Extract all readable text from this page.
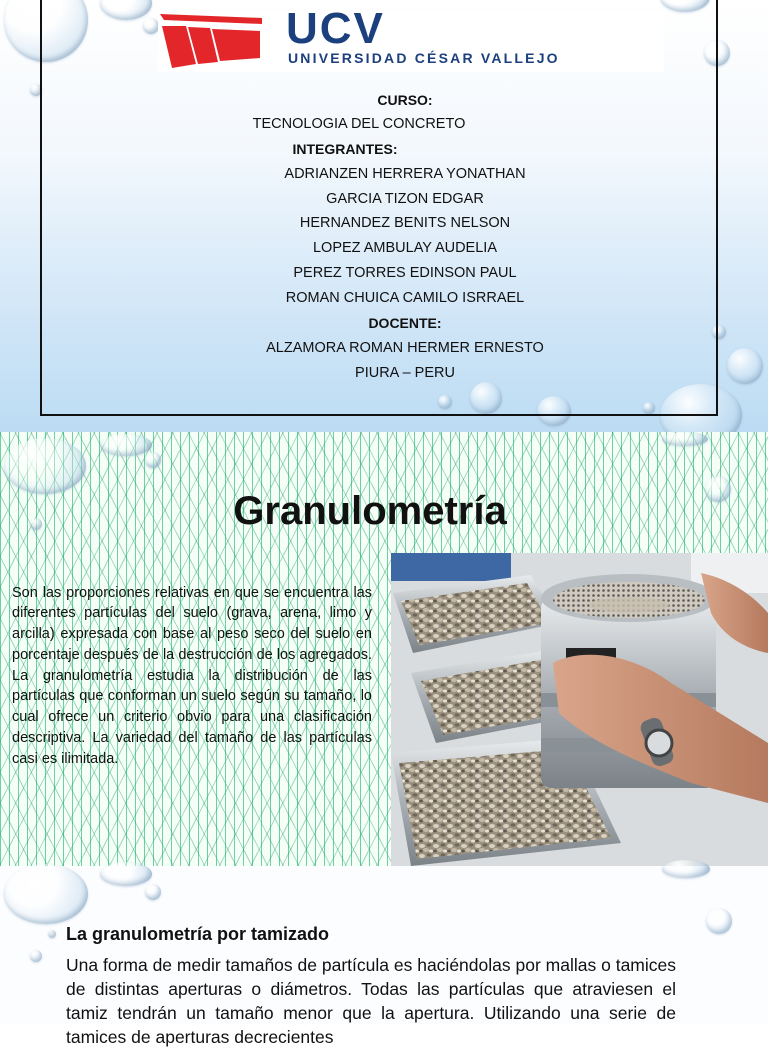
UCV
UNIVERSIDAD CÉSAR VALLEJO
CURSO:
TECNOLOGIA DEL CONCRETO
INTEGRANTES:
ADRIANZEN HERRERA YONATHAN
GARCIA TIZON EDGAR
HERNANDEZ BENITS NELSON
LOPEZ AMBULAY AUDELIA
PEREZ TORRES EDINSON PAUL
ROMAN CHUICA CAMILO ISRRAEL
DOCENTE:
ALZAMORA ROMAN HERMER ERNESTO
PIURA – PERU
Granulometría

Son las proporciones relativas en que se encuentra las diferentes partículas del suelo (grava, arena, limo y arcilla) expresada con base al peso seco del suelo en porcentaje después de la destrucción de los agregados. La granulometría estudia la distribución de las partículas que conforman un suelo según su tamaño, lo cual ofrece un criterio obvio para una clasificación descriptiva. La variedad del tamaño de las partículas casi es ilimitada.

La granulometría por tamizado

Una forma de medir tamaños de partícula es haciéndolas por mallas o tamices de distintas aperturas o diámetros. Todas las partículas que atraviesen el tamiz tendrán un tamaño menor que la apertura. Utilizando una serie de tamices de aperturas decrecientes
